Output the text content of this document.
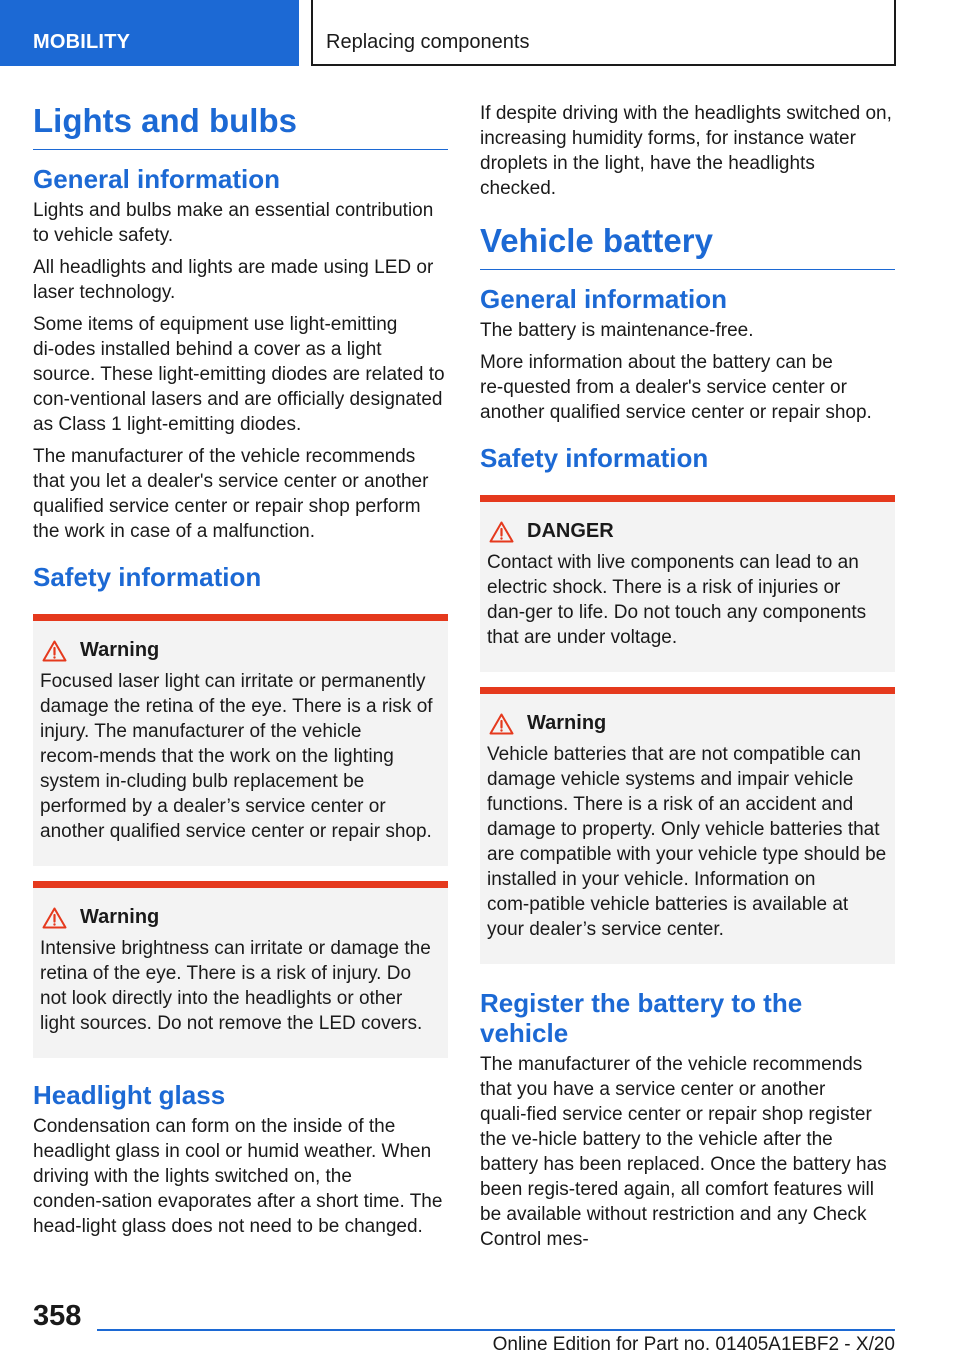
MOBILITY	Replacing components
Lights and bulbs
General information

Lights and bulbs make an essential contribution to vehicle safety.

All headlights and lights are made using LED or laser technology.

Some items of equipment use light‑emitting di‑odes installed behind a cover as a light source. These light‑emitting diodes are related to con‑ventional lasers and are officially designated as Class 1 light‑emitting diodes.

The manufacturer of the vehicle recommends that you let a dealer's service center or another qualified service center or repair shop perform the work in case of a malfunction.

Safety information
Warning

Focused laser light can irritate or permanently damage the retina of the eye. There is a risk of injury. The manufacturer of the vehicle recom‑mends that the work on the lighting system in‑cluding bulb replacement be performed by a dealer’s service center or another qualified service center or repair shop.

Warning

Intensive brightness can irritate or damage the retina of the eye. There is a risk of injury. Do not look directly into the headlights or other light sources. Do not remove the LED covers.

Headlight glass

Condensation can form on the inside of the headlight glass in cool or humid weather. When driving with the lights switched on, the conden‑sation evaporates after a short time. The head‑light glass does not need to be changed.

If despite driving with the headlights switched on, increasing humidity forms, for instance water droplets in the light, have the headlights checked.

Vehicle battery
General information

The battery is maintenance‑free.

More information about the battery can be re‑quested from a dealer's service center or another qualified service center or repair shop.

Safety information
DANGER

Contact with live components can lead to an electric shock. There is a risk of injuries or dan‑ger to life. Do not touch any components that are under voltage.

Warning

Vehicle batteries that are not compatible can damage vehicle systems and impair vehicle functions. There is a risk of an accident and damage to property. Only vehicle batteries that are compatible with your vehicle type should be installed in your vehicle. Information on com‑patible vehicle batteries is available at your dealer’s service center.

Register the battery to the vehicle

The manufacturer of the vehicle recommends that you have a service center or another quali‑fied service center or repair shop register the ve‑hicle battery to the vehicle after the battery has been replaced. Once the battery has been regis‑tered again, all comfort features will be available without restriction and any Check Control mes‑

358
Online Edition for Part no. 01405A1EBF2 - X/20
